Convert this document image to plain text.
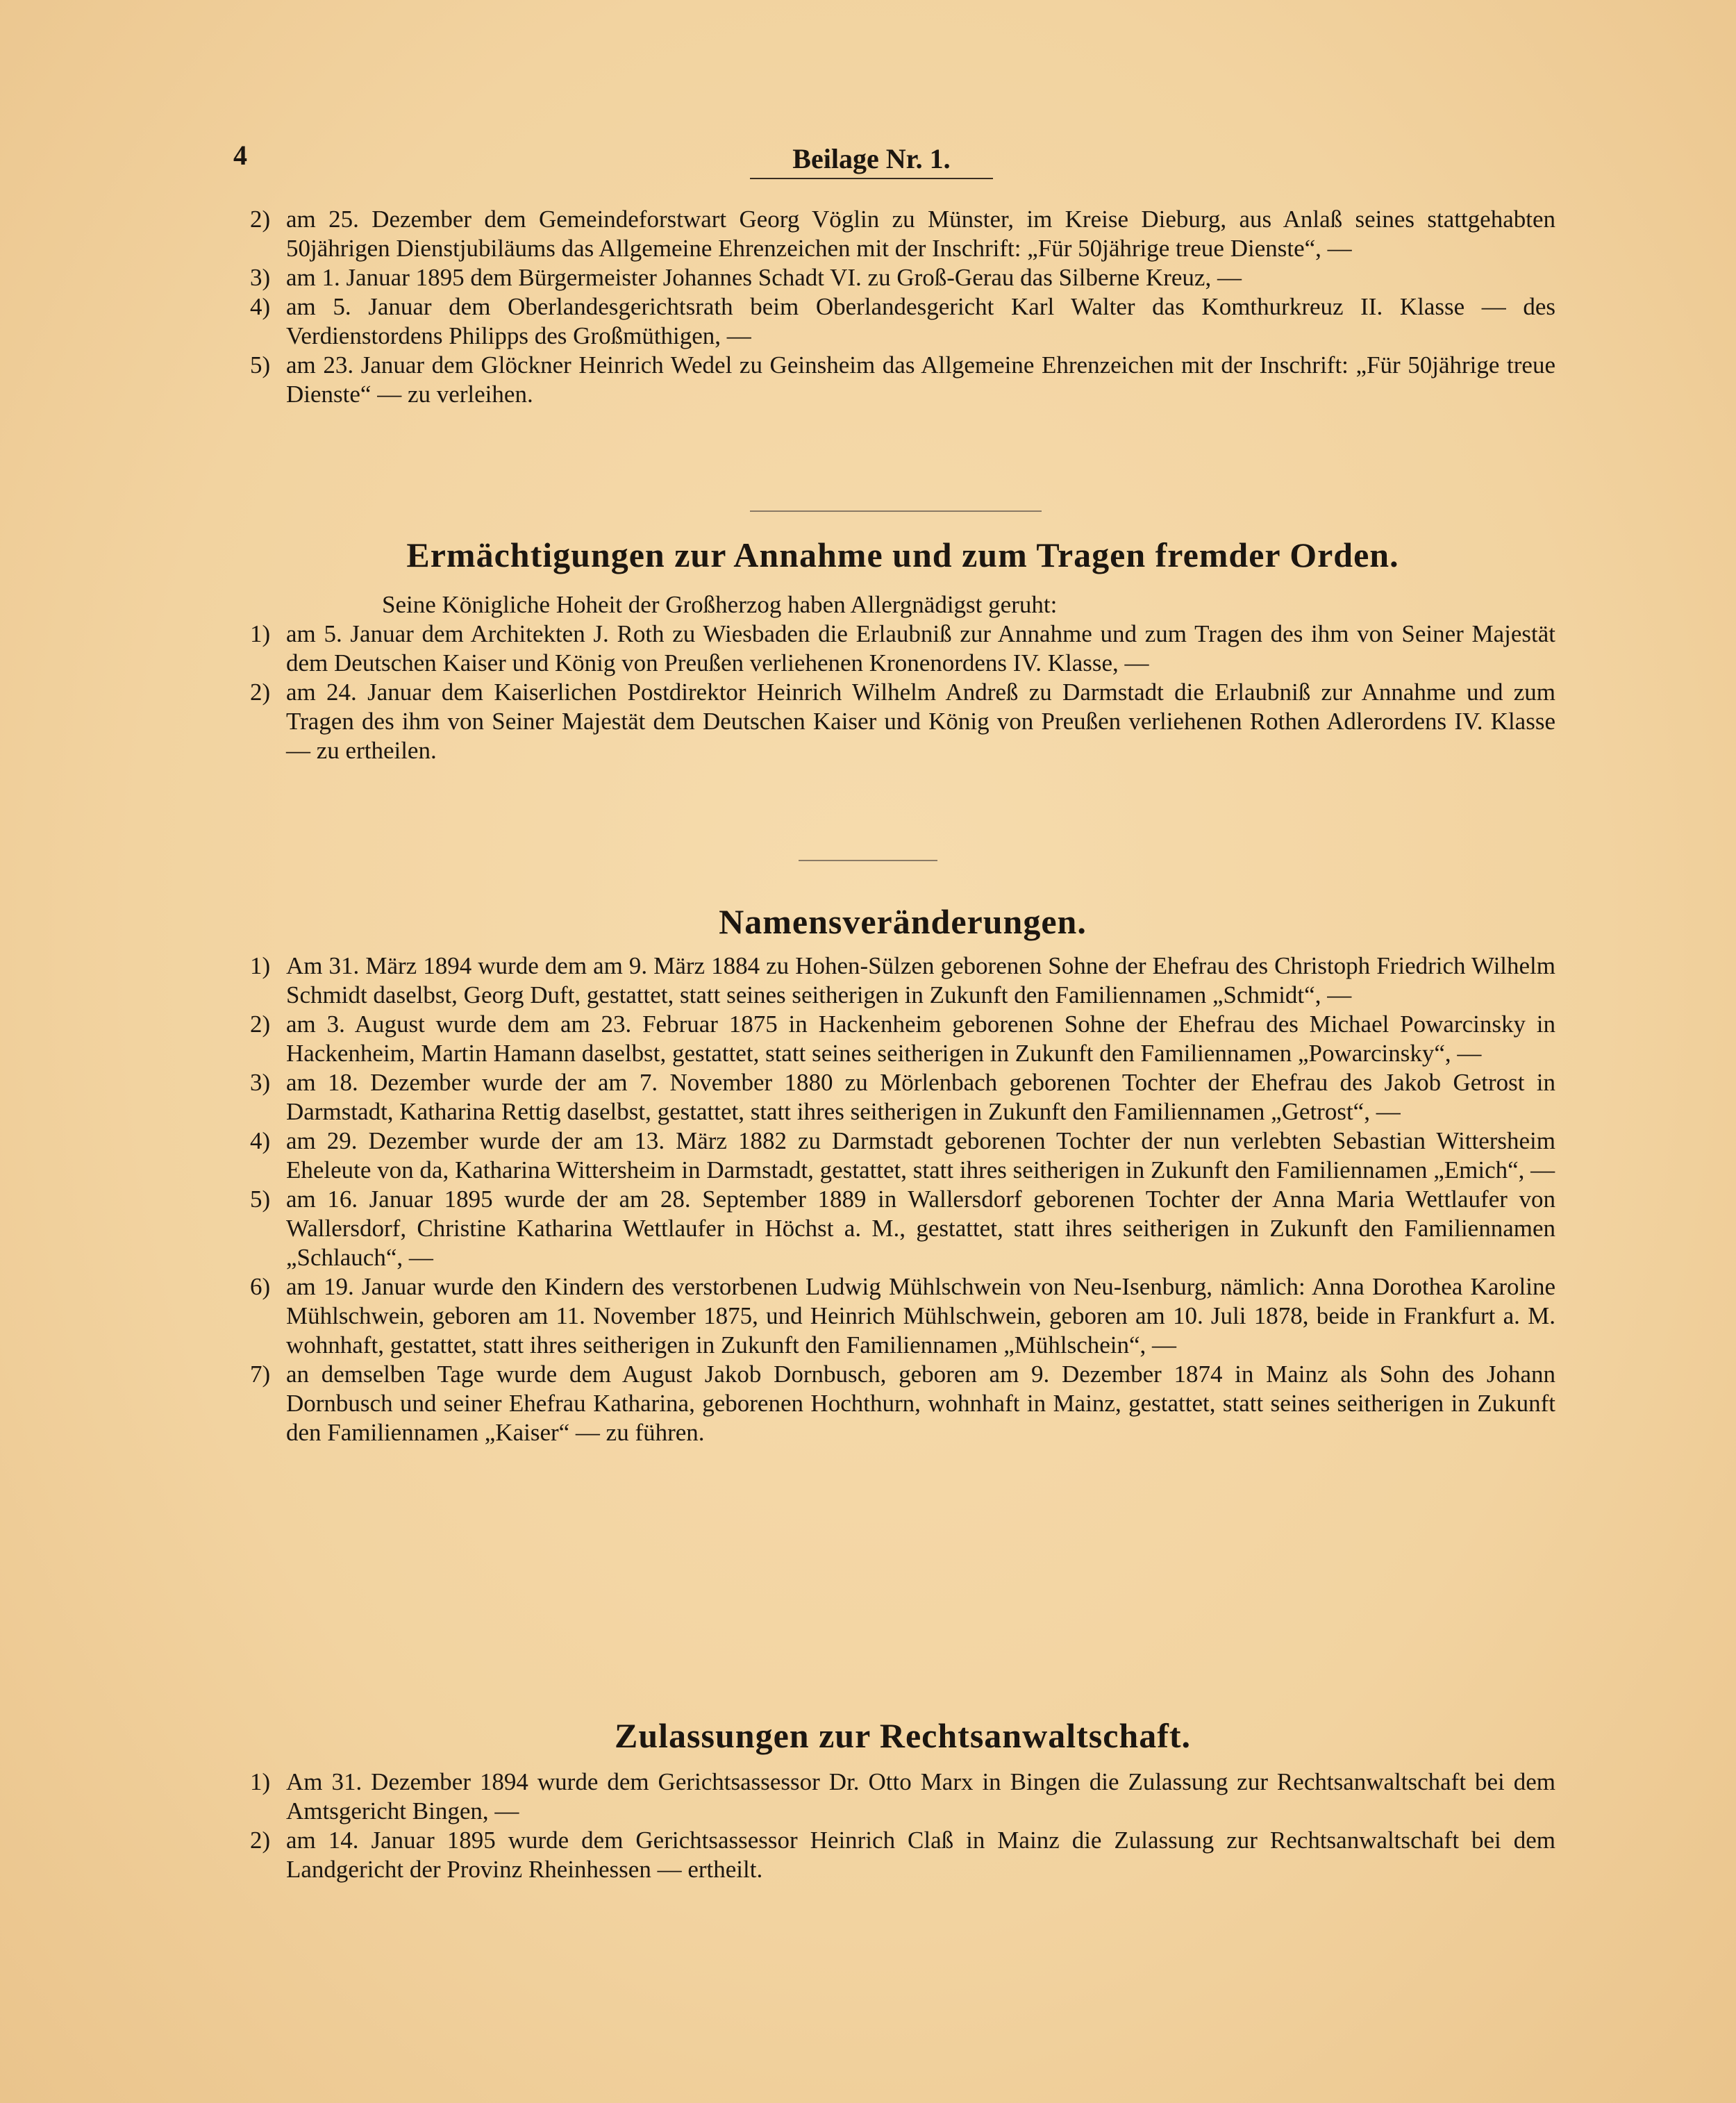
4	Beilage Nr. 1.
2) am 25. Dezember dem Gemeindeforstwart Georg Vöglin zu Münster, im Kreise Dieburg, aus Anlaß seines stattgehabten 50jährigen Dienstjubiläums das Allgemeine Ehrenzeichen mit der Inschrift: „Für 50jährige treue Dienste“, —
3) am 1. Januar 1895 dem Bürgermeister Johannes Schadt VI. zu Groß-Gerau das Silberne Kreuz, —
4) am 5. Januar dem Oberlandesgerichtsrath beim Oberlandesgericht Karl Walter das Komthurkreuz II. Klasse — des Verdienstordens Philipps des Großmüthigen, —
5) am 23. Januar dem Glöckner Heinrich Wedel zu Geinsheim das Allgemeine Ehrenzeichen mit der Inschrift: „Für 50jährige treue Dienste“ — zu verleihen.
Ermächtigungen zur Annahme und zum Tragen fremder Orden.
Seine Königliche Hoheit der Großherzog haben Allergnädigst geruht:
1) am 5. Januar dem Architekten J. Roth zu Wiesbaden die Erlaubniß zur Annahme und zum Tragen des ihm von Seiner Majestät dem Deutschen Kaiser und König von Preußen verliehenen Kronenordens IV. Klasse, —
2) am 24. Januar dem Kaiserlichen Postdirektor Heinrich Wilhelm Andreß zu Darmstadt die Erlaubniß zur Annahme und zum Tragen des ihm von Seiner Majestät dem Deutschen Kaiser und König von Preußen verliehenen Rothen Adlerordens IV. Klasse — zu ertheilen.
Namensveränderungen.
1) Am 31. März 1894 wurde dem am 9. März 1884 zu Hohen-Sülzen geborenen Sohne der Ehefrau des Christoph Friedrich Wilhelm Schmidt daselbst, Georg Duft, gestattet, statt seines seitherigen in Zukunft den Familiennamen „Schmidt“, —
2) am 3. August wurde dem am 23. Februar 1875 in Hackenheim geborenen Sohne der Ehefrau des Michael Powarcinsky in Hackenheim, Martin Hamann daselbst, gestattet, statt seines seitherigen in Zukunft den Familiennamen „Powarcinsky“, —
3) am 18. Dezember wurde der am 7. November 1880 zu Mörlenbach geborenen Tochter der Ehefrau des Jakob Getrost in Darmstadt, Katharina Rettig daselbst, gestattet, statt ihres seitherigen in Zukunft den Familiennamen „Getrost“, —
4) am 29. Dezember wurde der am 13. März 1882 zu Darmstadt geborenen Tochter der nun verlebten Sebastian Wittersheim Eheleute von da, Katharina Wittersheim in Darmstadt, gestattet, statt ihres seitherigen in Zukunft den Familiennamen „Emich“, —
5) am 16. Januar 1895 wurde der am 28. September 1889 in Wallersdorf geborenen Tochter der Anna Maria Wettlaufer von Wallersdorf, Christine Katharina Wettlaufer in Höchst a. M., gestattet, statt ihres seitherigen in Zukunft den Familiennamen „Schlauch“, —
6) am 19. Januar wurde den Kindern des verstorbenen Ludwig Mühlschwein von Neu-Isenburg, nämlich: Anna Dorothea Karoline Mühlschwein, geboren am 11. November 1875, und Heinrich Mühlschwein, geboren am 10. Juli 1878, beide in Frankfurt a. M. wohnhaft, gestattet, statt ihres seitherigen in Zukunft den Familiennamen „Mühlschein“, —
7) an demselben Tage wurde dem August Jakob Dornbusch, geboren am 9. Dezember 1874 in Mainz als Sohn des Johann Dornbusch und seiner Ehefrau Katharina, geborenen Hochthurn, wohnhaft in Mainz, gestattet, statt seines seitherigen in Zukunft den Familiennamen „Kaiser“ — zu führen.
Zulassungen zur Rechtsanwaltschaft.
1) Am 31. Dezember 1894 wurde dem Gerichtsassessor Dr. Otto Marx in Bingen die Zulassung zur Rechtsanwaltschaft bei dem Amtsgericht Bingen, —
2) am 14. Januar 1895 wurde dem Gerichtsassessor Heinrich Claß in Mainz die Zulassung zur Rechtsanwaltschaft bei dem Landgericht der Provinz Rheinhessen — ertheilt.
